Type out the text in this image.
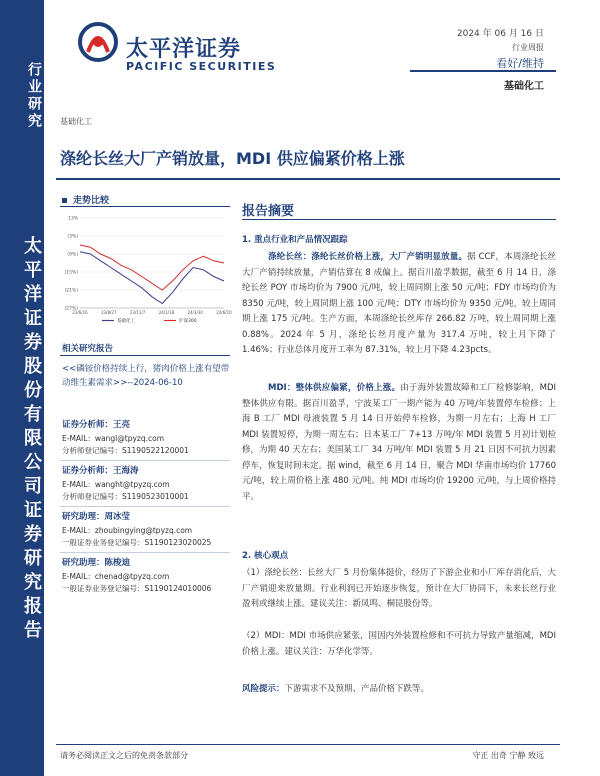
行业研究
太平洋证券股份有限公司证券研究报告
太平洋证券
PACIFIC SECURITIES
2024 年 06 月 16 日
行业周报
看好/维持
基础化工
基础化工
涤纶长丝大厂产销放量，MDI 供应偏紧价格上涨
走势比较
13%
(3%)
(9%)
(15%)
(21%)
(27%)
23/6/16	23/8/27	23/11/7	24/1/18	24/3/30	24/6/10
基础化工	沪深300
相关研究报告
<<磷铵价格持续上行，猪肉价格上涨有望带动维生素需求>>--2024-06-10
证券分析师：王亮
E-MAIL：wangl@tpyzq.com
分析师登记编号：S1190522120001
证券分析师：王海涛
E-MAIL：wanght@tpyzq.com
分析师登记编号：S1190523010001
研究助理：周冰莹
E-MAIL：zhoubingying@tpyzq.com
一般证券业务登记编号：S1190123020025
研究助理：陈梭迪
E-MAIL：chenad@tpyzq.com
一般证券业务登记编号：S1190124010006
报告摘要
1. 重点行业和产品情况跟踪
涤纶长丝：涤纶长丝价格上涨，大厂产销明显放量。据 CCF，本周涤纶长丝大厂产销持续放量，产销估算在 8 成偏上。据百川盈孚数据，截至 6 月 14 日，涤纶长丝 POY 市场均价为 7900 元/吨，较上周同期上涨 50 元/吨；FDY 市场均价为 8350 元/吨，较上周同期上涨 100 元/吨；DTY 市场均价为 9350 元/吨，较上周同期上涨 175 元/吨。生产方面，本周涤纶长丝库存 266.82 万吨，较上周同期上涨 0.88%。2024 年 5 月，涤纶长丝月度产量为 317.4 万吨，较上月下降了 1.46%；行业总体月度开工率为 87.31%，较上月下降 4.23pcts。
MDI：整体供应偏紧，价格上涨。由于海外装置故障和工厂检修影响，MDI 整体供应有限。据百川盈孚，宁波某工厂一期产能为 40 万吨/年装置停车检修；上海 B 工厂 MDI 母液装置 5 月 14 日开始停车检修，为期一月左右；上海 H 工厂 MDI 装置短停，为期一周左右；日本某工厂 7+13 万吨/年 MDI 装置 5 月初计划检修，为期 40 天左右；美国某工厂 34 万吨/年 MDI 装置 5 月 21 日因不可抗力因素停车，恢复时间未定。据 wind，截至 6 月 14 日，聚合 MDI 华南市场均价 17760 元/吨，较上周价格上涨 480 元/吨。纯 MDI 市场均价 19200 元/吨，与上周价格持平。
2. 核心观点
（1）涤纶长丝：长丝大厂 5 月份集体挺价，经历了下游企业和小厂库存消化后，大厂产销迎来放量期。行业利润已开始逐步恢复，预计在大厂协同下，未来长丝行业盈利或继续上涨。建议关注：新凤鸣、桐昆股份等。
（2）MDI：MDI 市场供应紧张，国因内外装置检修和不可抗力导致产量缩减，MDI 价格上涨。建议关注：万华化学等。
风险提示：下游需求不及预期、产品价格下跌等。
请务必阅读正文之后的免责条款部分	守正 出奇 宁静 致远
